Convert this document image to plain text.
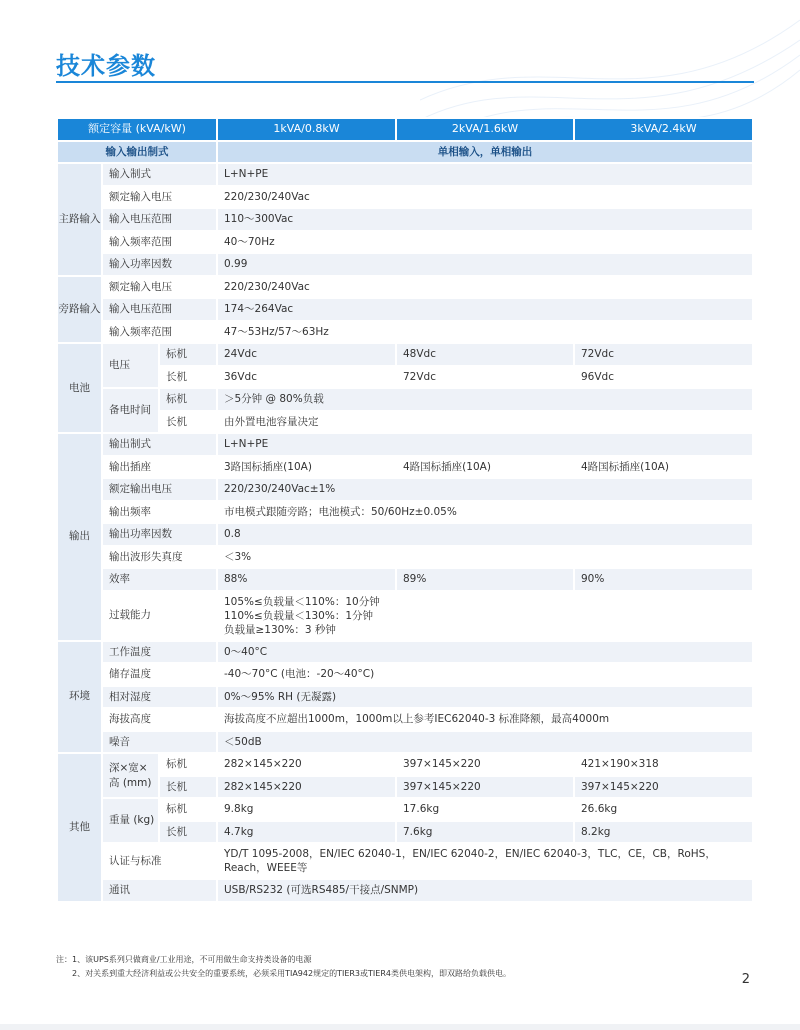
技术参数
额定容量 (kVA/kW)			1kVA/0.8kW	2kVA/1.6kW	3kVA/2.4kW
输入输出制式			单相输入，单相输出		
主路输入	输入制式		L+N+PE		
	额定输入电压		220/230/240Vac		
	输入电压范围		110～300Vac		
	输入频率范围		40～70Hz		
	输入功率因数		0.99		
旁路输入	额定输入电压		220/230/240Vac		
	输入电压范围		174～264Vac		
	输入频率范围		47～53Hz/57～63Hz		
电池	电压	标机	24Vdc	48Vdc	72Vdc
		长机	36Vdc	72Vdc	96Vdc
	备电时间	标机	＞5分钟 @ 80%负载		
		长机	由外置电池容量决定		
输出	输出制式		L+N+PE		
	输出插座		3路国标插座(10A)	4路国标插座(10A)	4路国标插座(10A)
	额定输出电压		220/230/240Vac±1%		
	输出频率		市电模式跟随旁路；电池模式：50/60Hz±0.05%		
	输出功率因数		0.8		
	输出波形失真度		＜3%		
	效率		88%	89%	90%
	过载能力		105%≤负载量＜110%：10分钟
110%≤负载量＜130%：1分钟
负载量≥130%：3 秒钟		

环境	工作温度		0～40°C		
	储存温度		-40～70°C (电池：-20～40°C)		
	相对湿度		0%～95% RH (无凝露)		
	海拔高度		海拔高度不应超出1000m，1000m以上参考IEC62040-3 标准降额，最高4000m		
	噪音		＜50dB		
其他	深×宽×高 (mm)	标机	282×145×220	397×145×220	421×190×318
		长机	282×145×220	397×145×220	397×145×220
	重量 (kg)	标机	9.8kg	17.6kg	26.6kg
		长机	4.7kg	7.6kg	8.2kg
	认证与标准		YD/T 1095-2008，EN/IEC 62040-1，EN/IEC 62040-2，EN/IEC 62040-3，TLC，CE，CB，RoHS，Reach，WEEE等		
	通讯		USB/RS232 (可选RS485/干接点/SNMP)		
注：1、该UPS系列只做商业/工业用途，不可用做生命支持类设备的电源
　　2、对关系到重大经济利益或公共安全的重要系统，必须采用TIA942规定的TIER3或TIER4类供电架构，即双路给负载供电。	2
